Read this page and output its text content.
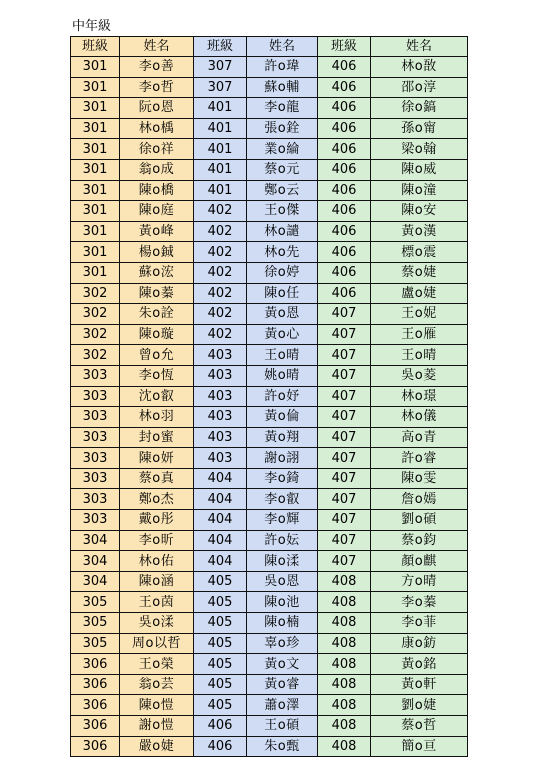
中年級
班級	姓名	班級	姓名	班級	姓名
301	李o善	307	許o瑋	406	林o敔
301	李o哲	307	蘇o輔	406	邵o淳
301	阮o恩	401	李o龍	406	徐o鎬
301	林o楀	401	張o銓	406	孫o甯
301	徐o祥	401	業o綸	406	梁o翰
301	翁o成	401	蔡o元	406	陳o威
301	陳o橋	401	鄭o云	406	陳o潼
301	陳o庭	402	王o傑	406	陳o安
301	黃o峰	402	林o譴	406	黃o漢
301	楊o鋮	402	林o先	406	標o震
301	蘇o浤	402	徐o婷	406	蔡o婕
302	陳o蓁	402	陳o任	406	盧o婕
302	朱o詮	402	黃o恩	407	王o妮
302	陳o璇	402	黃o心	407	王o雁
302	曾o允	403	王o晴	407	王o晴
303	李o恆	403	姚o晴	407	吳o菱
303	沈o叡	403	許o妤	407	林o璟
303	林o羽	403	黃o倫	407	林o儀
303	封o蜜	403	黃o翔	407	高o青
303	陳o妍	403	謝o詡	407	許o睿
303	蔡o真	404	李o錡	407	陳o雯
303	鄭o杰	404	李o叡	407	詹o嫣
303	戴o彤	404	李o輝	407	劉o碩
304	李o昕	404	許o妘	407	蔡o鈞
304	林o佑	404	陳o渘	407	顏o麒
304	陳o涵	405	吳o恩	408	方o晴
305	王o茵	405	陳o池	408	李o蓁
305	吳o渘	405	陳o楠	408	李o菲
305	周o以哲	405	辜o珍	408	康o鈁
306	王o榮	405	黃o文	408	黃o銘
306	翁o芸	405	黃o睿	408	黃o軒
306	陳o愷	405	蕭o澤	408	劉o婕
306	謝o愷	406	王o碩	408	蔡o哲
306	嚴o婕	406	朱o甄	408	簡o亘
